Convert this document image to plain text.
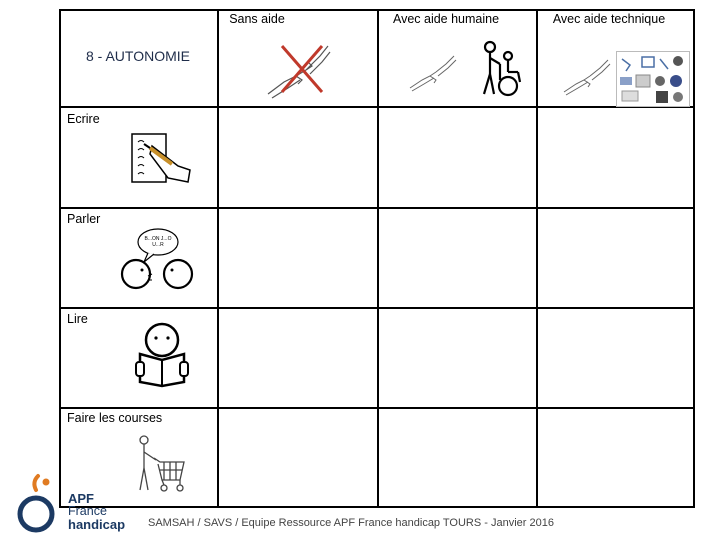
Sans aide	Avec aide humaine	Avec aide technique
8 - AUTONOMIE
Ecrire
Parler
Lire
Faire les courses
B...ON J...O U...R
SAMSAH / SAVS / Equipe Ressource APF France handicap TOURS - Janvier 2016
APF
France
handicap
